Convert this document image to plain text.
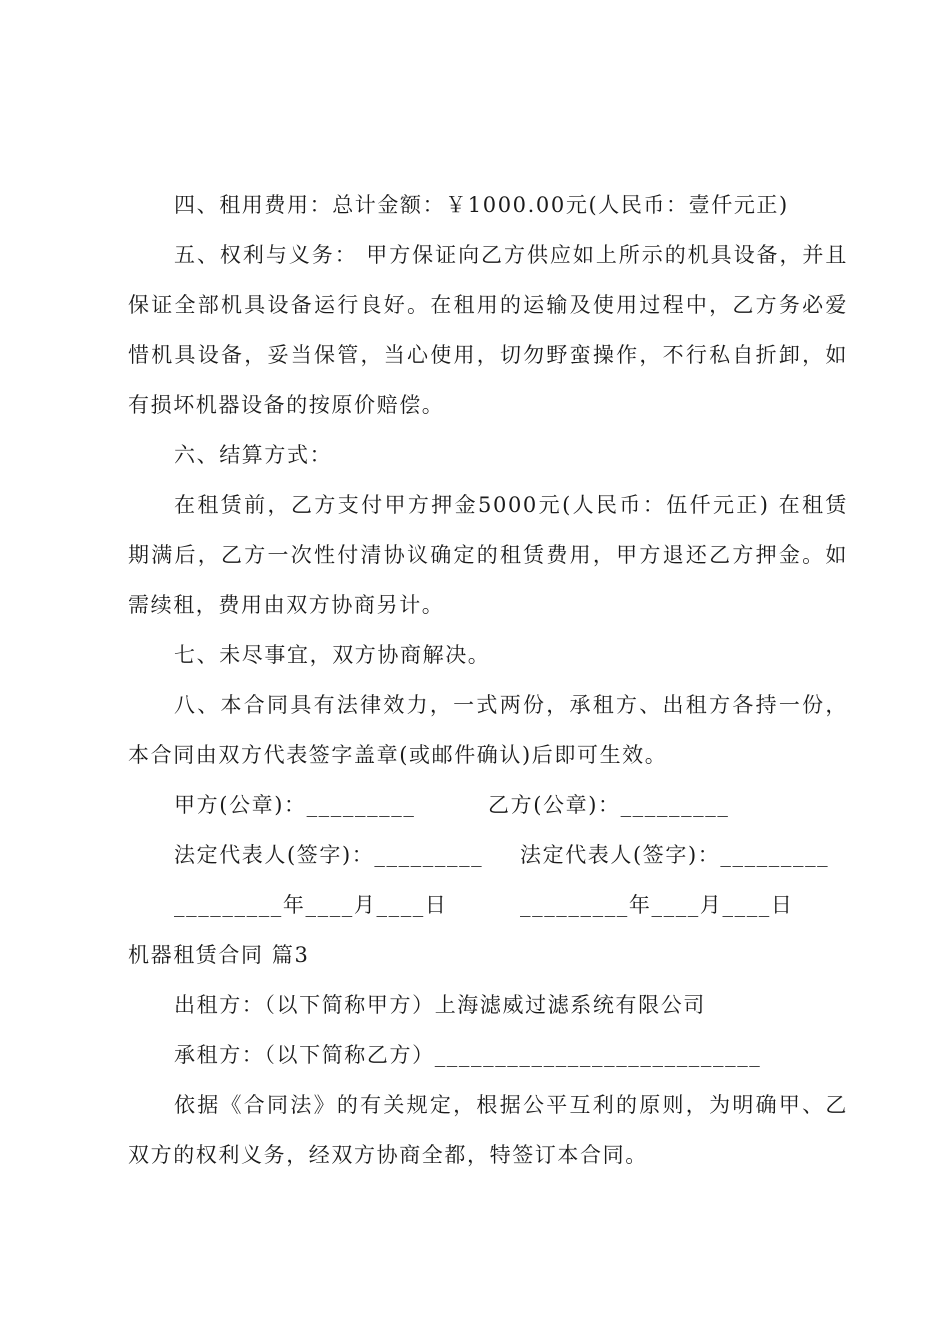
四、租用费用：总计金额：￥1000.00元(人民币：壹仟元正)
五、权利与义务： 甲方保证向乙方供应如上所示的机具设备，并且
保证全部机具设备运行良好。在租用的运输及使用过程中，乙方务必爱
惜机具设备，妥当保管，当心使用，切勿野蛮操作，不行私自折卸，如
有损坏机器设备的按原价赔偿。
六、结算方式：
在租赁前，乙方支付甲方押金5000元(人民币：伍仟元正) 在租赁
期满后，乙方一次性付清协议确定的租赁费用，甲方退还乙方押金。如
需续租，费用由双方协商另计。
七、未尽事宜，双方协商解决。
八、本合同具有法律效力，一式两份，承租方、出租方各持一份，
本合同由双方代表签字盖章(或邮件确认)后即可生效。
甲方(公章)：_________	乙方(公章)：_________
法定代表人(签字)：_________	法定代表人(签字)：_________
_________年____月____日	_________年____月____日
机器租赁合同 篇3
出租方：（以下简称甲方）上海滤威过滤系统有限公司
承租方：（以下简称乙方）___________________________
依据《合同法》的有关规定，根据公平互利的原则，为明确甲、乙
双方的权利义务，经双方协商全都，特签订本合同。
